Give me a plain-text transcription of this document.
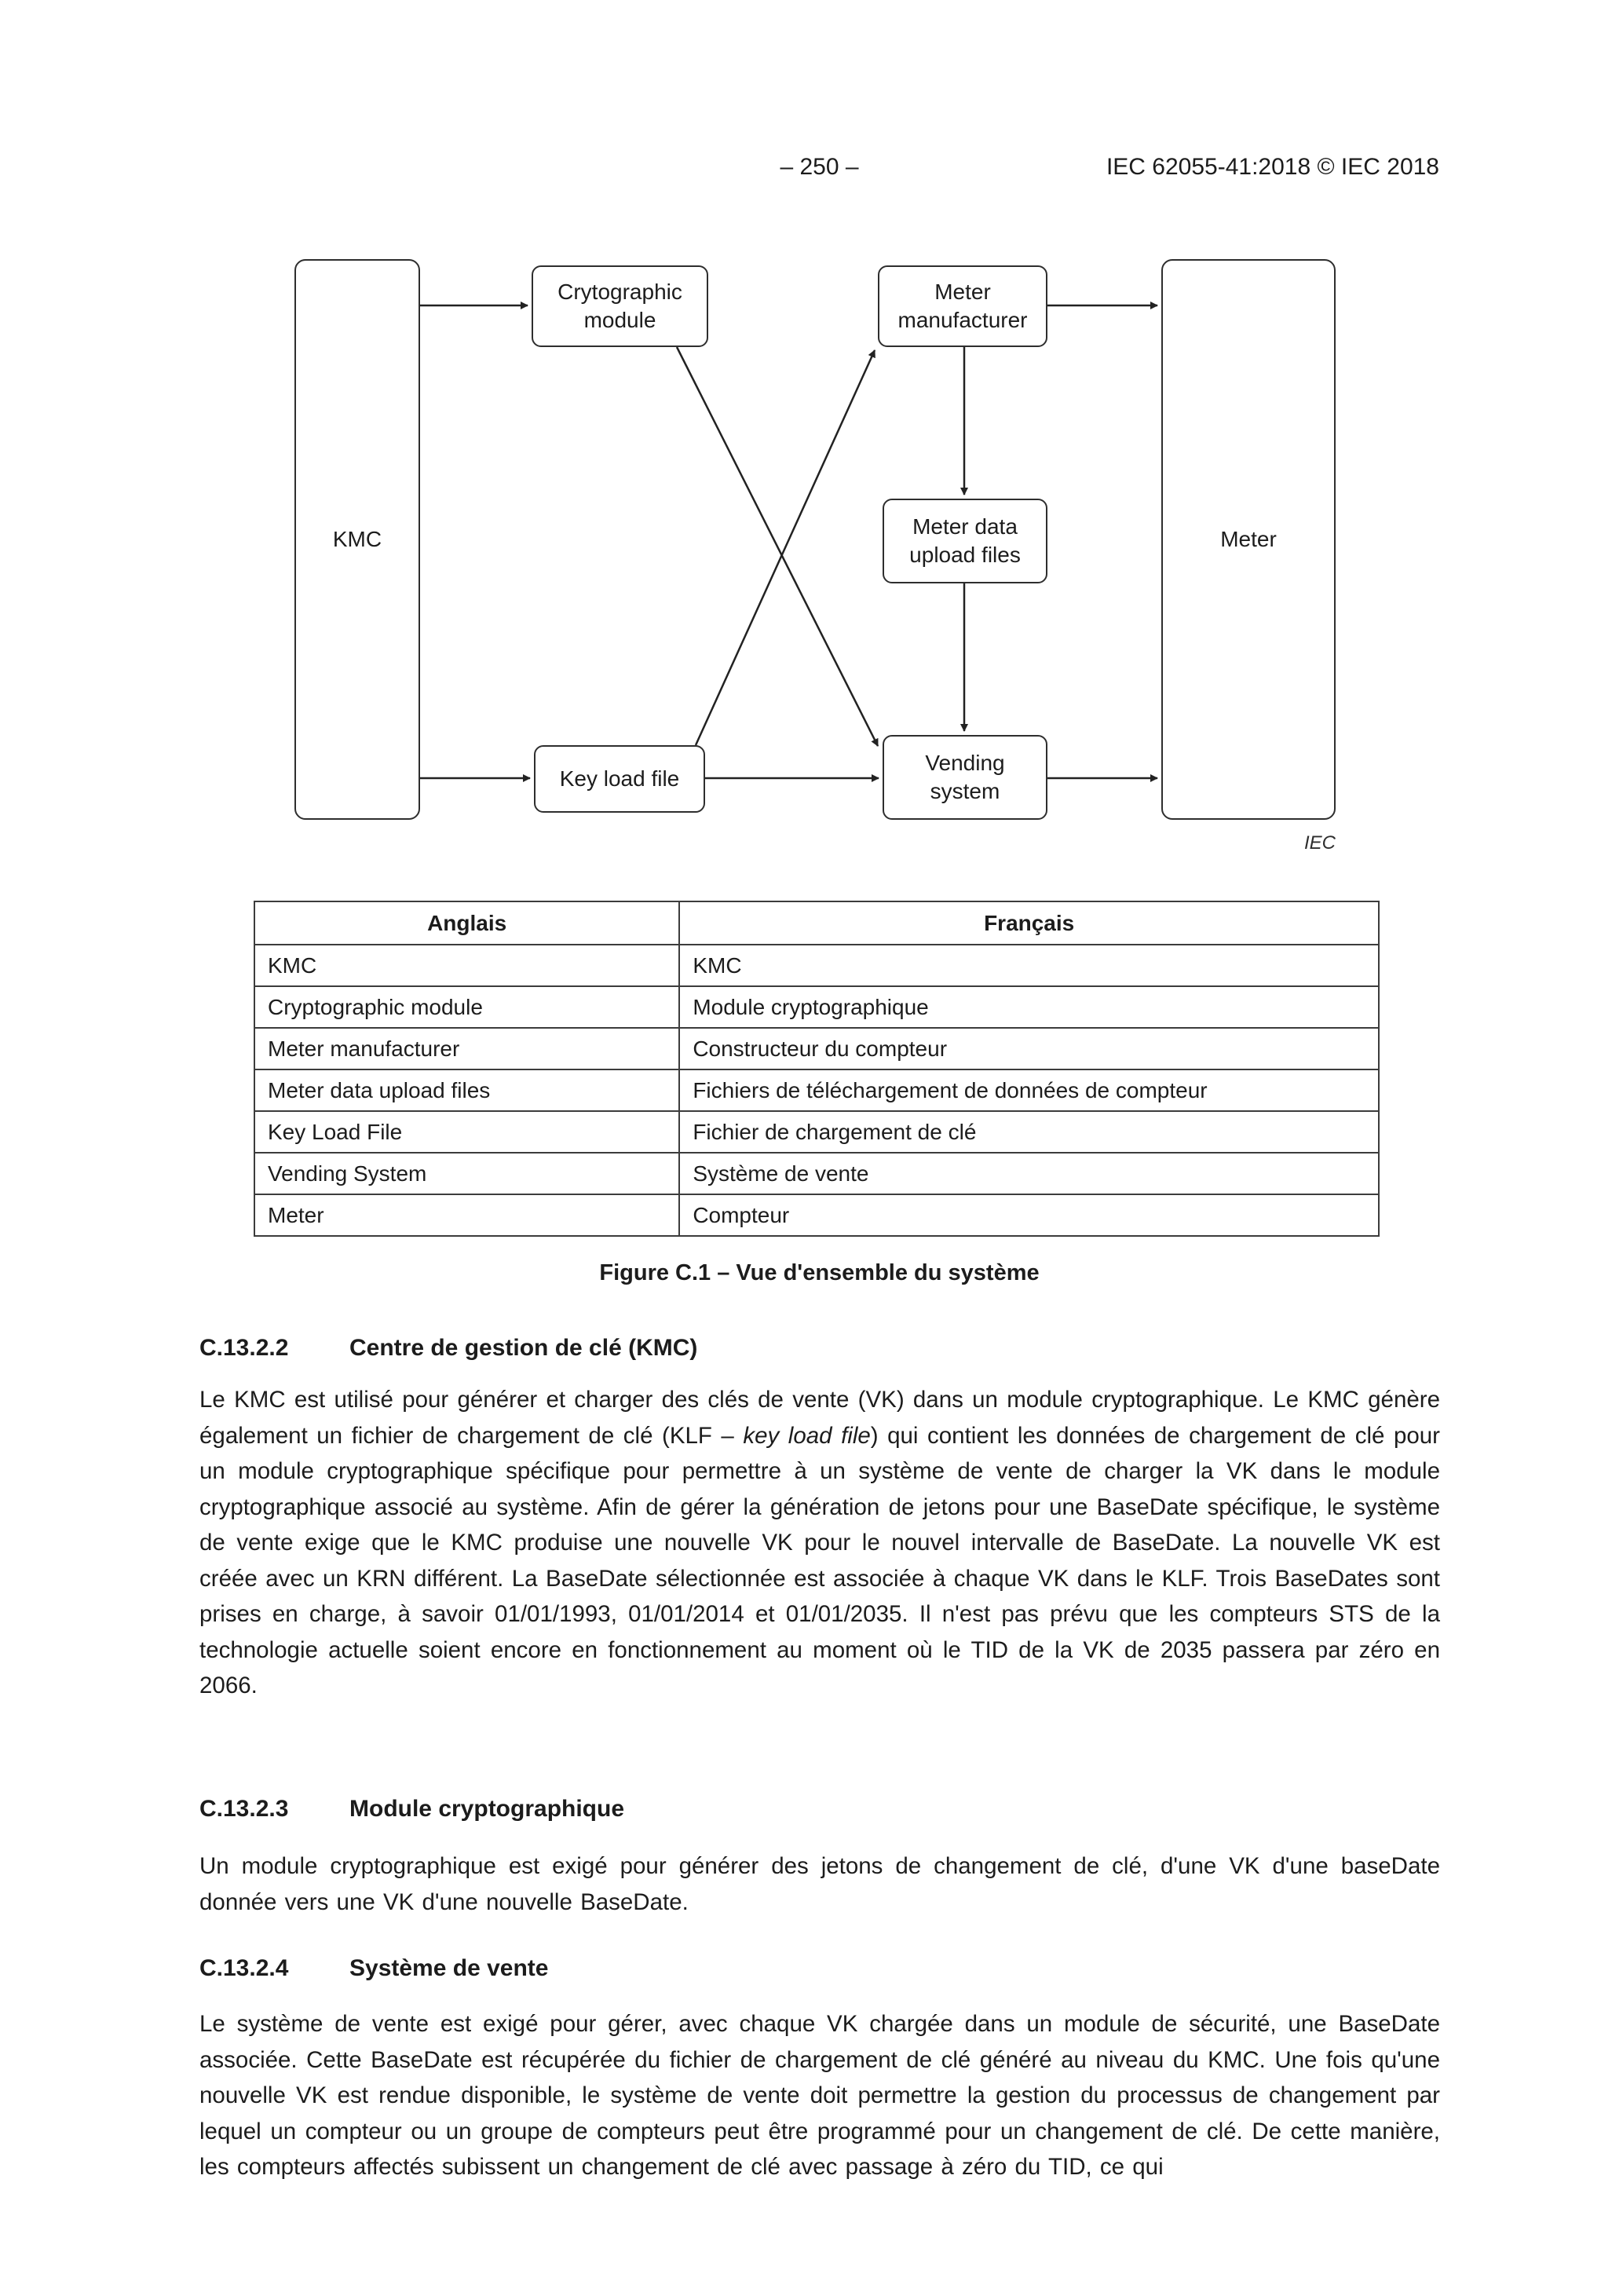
– 250 –	IEC 62055-41:2018 © IEC 2018
KMC
Crytographic module
Meter manufacturer
Meter data upload files
Vending system
Key load file
Meter
IEC
Anglais	Français
KMC	KMC
Cryptographic module	Module cryptographique
Meter manufacturer	Constructeur du compteur
Meter data upload files	Fichiers de téléchargement de données de compteur
Key Load File	Fichier de chargement de clé
Vending System	Système de vente
Meter	Compteur
Figure C.1 – Vue d'ensemble du système
C.13.2.2	Centre de gestion de clé (KMC)
Le KMC est utilisé pour générer et charger des clés de vente (VK) dans un module cryptographique. Le KMC génère également un fichier de chargement de clé (KLF – key load file) qui contient les données de chargement de clé pour un module cryptographique spécifique pour permettre à un système de vente de charger la VK dans le module cryptographique associé au système. Afin de gérer la génération de jetons pour une BaseDate spécifique, le système de vente exige que le KMC produise une nouvelle VK pour le nouvel intervalle de BaseDate. La nouvelle VK est créée avec un KRN différent. La BaseDate sélectionnée est associée à chaque VK dans le KLF. Trois BaseDates sont prises en charge, à savoir 01/01/1993, 01/01/2014 et 01/01/2035. Il n'est pas prévu que les compteurs STS de la technologie actuelle soient encore en fonctionnement au moment où le TID de la VK de 2035 passera par zéro en 2066.
C.13.2.3	Module cryptographique
Un module cryptographique est exigé pour générer des jetons de changement de clé, d'une VK d'une baseDate donnée vers une VK d'une nouvelle BaseDate.
C.13.2.4	Système de vente
Le système de vente est exigé pour gérer, avec chaque VK chargée dans un module de sécurité, une BaseDate associée. Cette BaseDate est récupérée du fichier de chargement de clé généré au niveau du KMC. Une fois qu'une nouvelle VK est rendue disponible, le système de vente doit permettre la gestion du processus de changement par lequel un compteur ou un groupe de compteurs peut être programmé pour un changement de clé. De cette manière, les compteurs affectés subissent un changement de clé avec passage à zéro du TID, ce qui
